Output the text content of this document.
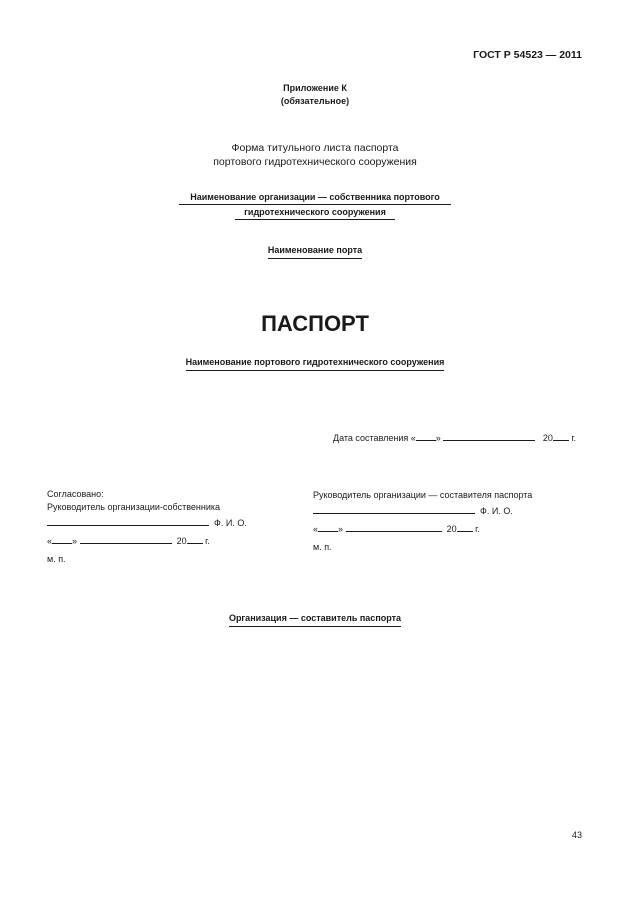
ГОСТ Р 54523 — 2011
Приложение К
(обязательное)
Форма титульного листа паспорта
портового гидротехнического сооружения
Наименование организации — собственника портового
гидротехнического сооружения
Наименование порта
ПАСПОРТ
Наименование портового гидротехнического сооружения
Дата составления « »	20 г.
Согласовано:
Руководитель организации-собственника
Ф. И. О.
« »	20 г.
м. п.
Руководитель организации — составителя паспорта
Ф. И. О.
« »	20 г.
м. п.
Организация — составитель паспорта
43
